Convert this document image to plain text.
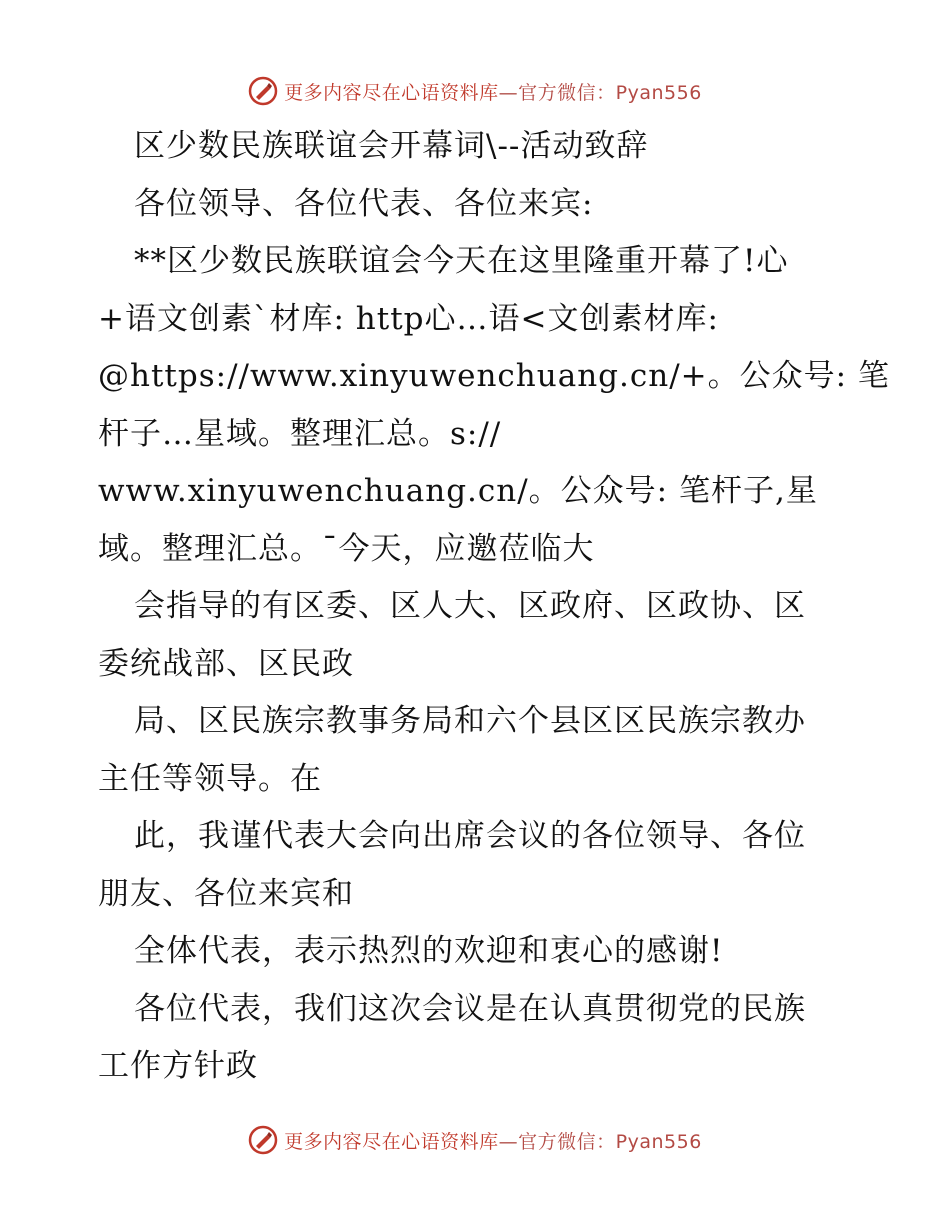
更多内容尽在心语资料库—官方微信：Pyan556
区少数民族联谊会开幕词\--活动致辞
各位领导、各位代表、各位来宾:
**区少数民族联谊会今天在这里隆重开幕了!心
+语文创素`材库: http心…语<文创素材库:
@https://www.xinyuwenchuang.cn/+。公众号: 笔
杆子…星域。整理汇总。s://
www.xinyuwenchuang.cn/。公众号: 笔杆子,星
域。整理汇总。¯今天，应邀莅临大
会指导的有区委、区人大、区政府、区政协、区
委统战部、区民政
局、区民族宗教事务局和六个县区区民族宗教办
主任等领导。在
此，我谨代表大会向出席会议的各位领导、各位
朋友、各位来宾和
全体代表，表示热烈的欢迎和衷心的感谢!
各位代表，我们这次会议是在认真贯彻党的民族
工作方针政
更多内容尽在心语资料库—官方微信：Pyan556
